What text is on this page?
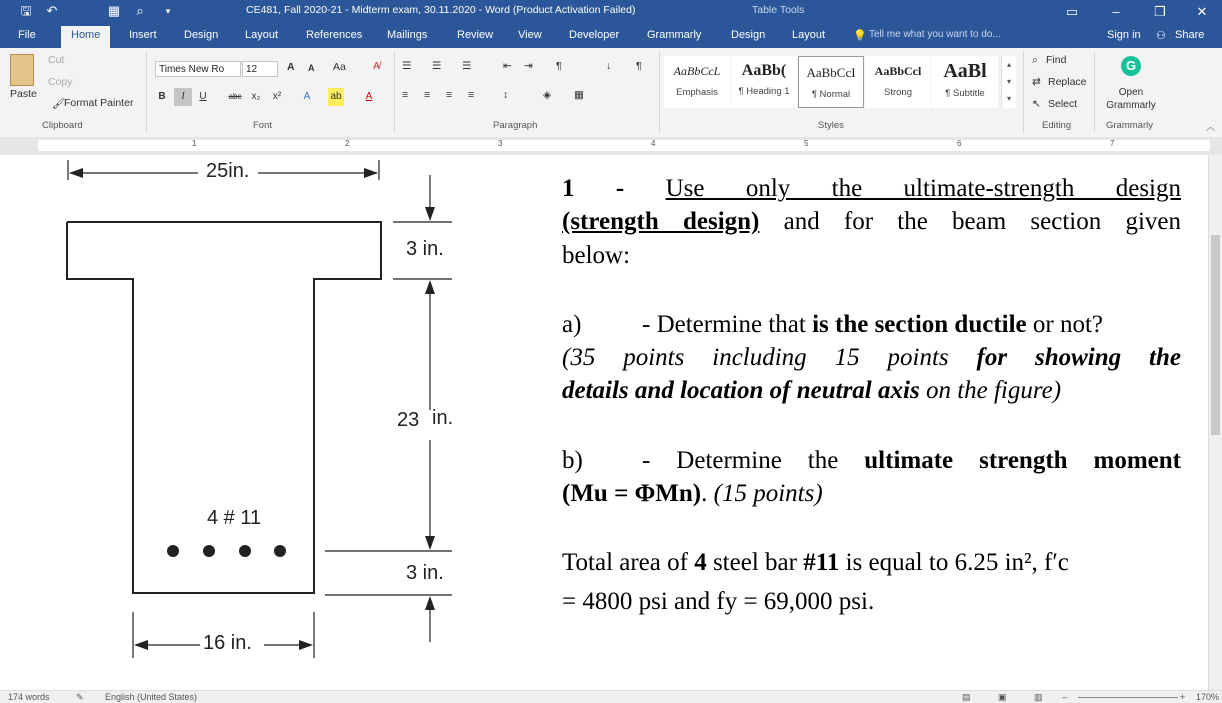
🖫 ↶	▦	⌕	▾	CE481, Fall 2020-21 - Midterm exam, 30.11.2020 - Word (Product Activation Failed)	Table Tools	▭	–	❐	✕
File	Home	Insert Design Layout	References Mailings	Review View Developer	Grammarly	Design Layout	💡 Tell me what you want to do...	Sign in ⚇ Share
Paste
Cut
Copy
🖌
Format Painter
Clipboard
Times New Ro	12	A A Aa	A̸
B	I	U	abc x₂ x²	A	ab	A
Font
☰ ☰ ☰	⇤ ⇥ ¶	↓ ¶
≡ ≡ ≡ ≡	↕	◈ ▦
Paragraph
AaBbCcL
Emphasis
AaBb(
¶ Heading 1
AaBbCcI
¶ Normal
AaBbCcl
Strong
AaBl
¶ Subtitle
▴
▾
▾
Styles
⌕ Find
⇄ Replace
↖ Select
Editing
G
Open Grammarly
Grammarly	︿
1	2	3	4	5	6	7
25in.
3 in.
23 in.
4 # 11
3 in.
16 in.
1 - Use only the ultimate-strength design
(strength design) and for the beam section given
below:
a) - Determine that is the section ductile or not?
(35 points including 15 points for showing the
details and location of neutral axis on the figure)
b) - Determine the ultimate strength moment
(Mu = ΦMn). (15 points)
Total area of 4 steel bar #11 is equal to 6.25 in², f′c
= 4800 psi and fy = 69,000 psi.
174 words	✎ English (United States)	▤	▣	▥ –	+ 170%
